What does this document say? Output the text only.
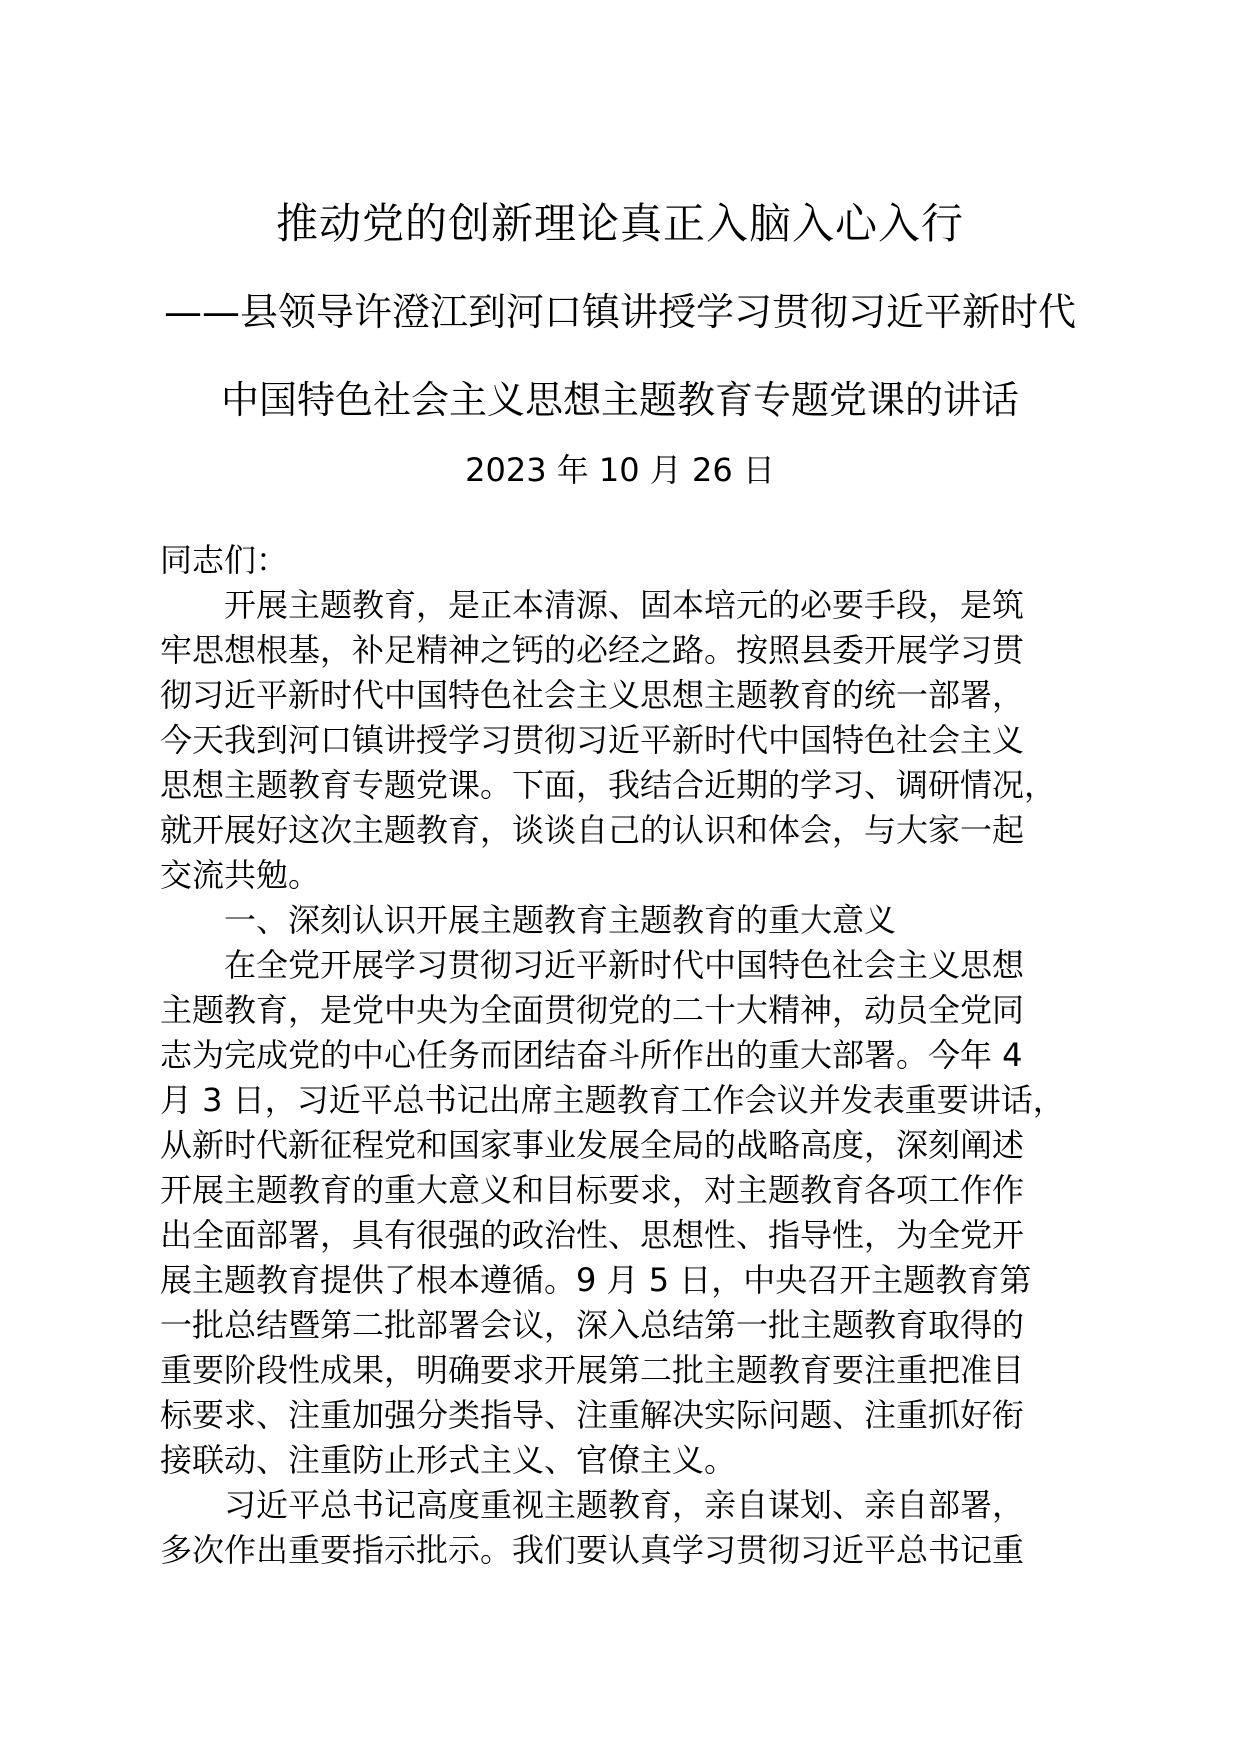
推动党的创新理论真正入脑入心入行
——县领导许澄江到河口镇讲授学习贯彻习近平新时代
中国特色社会主义思想主题教育专题党课的讲话
2023 年 10 月 26 日
同志们：
开展主题教育，是正本清源、固本培元的必要手段，是筑
牢思想根基，补足精神之钙的必经之路。按照县委开展学习贯
彻习近平新时代中国特色社会主义思想主题教育的统一部署，
今天我到河口镇讲授学习贯彻习近平新时代中国特色社会主义
思想主题教育专题党课。下面，我结合近期的学习、调研情况，
就开展好这次主题教育，谈谈自己的认识和体会，与大家一起
交流共勉。
一、深刻认识开展主题教育主题教育的重大意义
在全党开展学习贯彻习近平新时代中国特色社会主义思想
主题教育，是党中央为全面贯彻党的二十大精神，动员全党同
志为完成党的中心任务而团结奋斗所作出的重大部署。今年 4
月 3 日，习近平总书记出席主题教育工作会议并发表重要讲话，
从新时代新征程党和国家事业发展全局的战略高度，深刻阐述
开展主题教育的重大意义和目标要求，对主题教育各项工作作
出全面部署，具有很强的政治性、思想性、指导性，为全党开
展主题教育提供了根本遵循。9 月 5 日，中央召开主题教育第
一批总结暨第二批部署会议，深入总结第一批主题教育取得的
重要阶段性成果，明确要求开展第二批主题教育要注重把准目
标要求、注重加强分类指导、注重解决实际问题、注重抓好衔
接联动、注重防止形式主义、官僚主义。
习近平总书记高度重视主题教育，亲自谋划、亲自部署，
多次作出重要指示批示。我们要认真学习贯彻习近平总书记重
